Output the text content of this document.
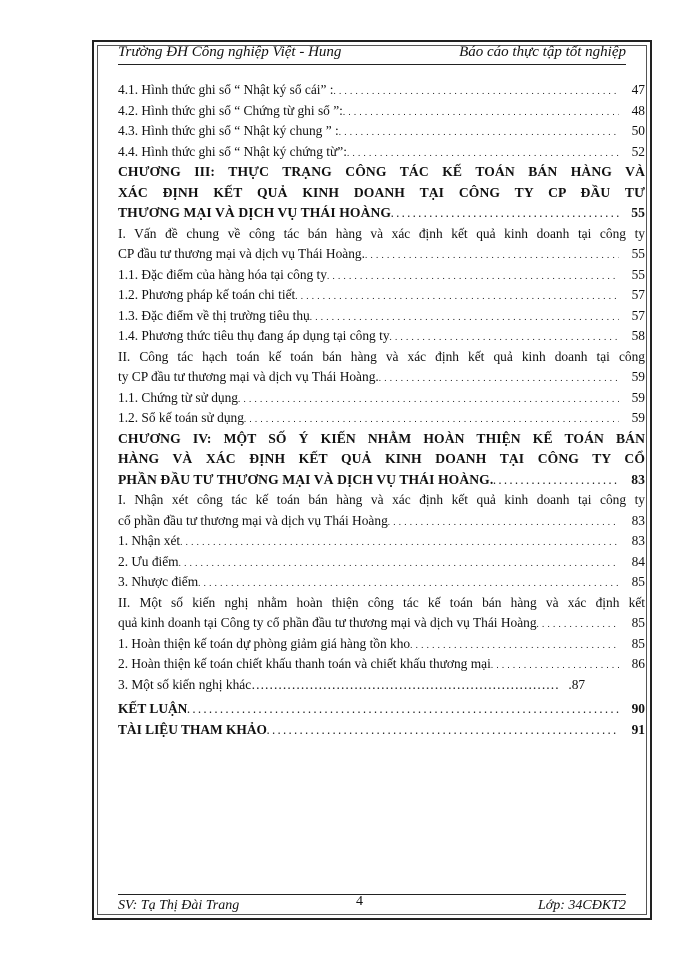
Trường ĐH Công nghiệp Việt - Hung	Báo cáo thực tập tốt nghiệp
4.1. Hình thức ghi sổ “ Nhật ký sổ cái” : . . .	47
4.2. Hình thức ghi sổ “ Chứng từ ghi sổ ”: . . .	48
4.3. Hình thức ghi sổ “ Nhật ký chung ” : . . .	50
4.4. Hình thức ghi sổ “ Nhật ký chứng từ”: . . .	52
CHƯƠNG III: THỰC TRẠNG CÔNG TÁC KẾ TOÁN BÁN HÀNG VÀ
XÁC ĐỊNH KẾT QUẢ KINH DOANH TẠI CÔNG TY CP ĐẦU TƯ
THƯƠNG MẠI VÀ DỊCH VỤ THÁI HOÀNG . . .	55
I. Vấn đề chung về công tác bán hàng và xác định kết quả kinh doanh tại công ty
CP đầu tư thương mại và dịch vụ Thái Hoàng. . . .	55
1.1. Đặc điểm của hàng hóa tại công ty . . .	55
1.2. Phương pháp kế toán chi tiết . . .	57
1.3. Đặc điểm về thị trường tiêu thụ . . .	57
1.4. Phương thức tiêu thụ đang áp dụng tại công ty . . .	58
II. Công tác hạch toán kế toán bán hàng và xác định kết quả kinh doanh tại công
ty CP đầu tư thương mại và dịch vụ Thái Hoàng. . . .	59
1.1. Chứng từ sử dụng . . .	59
1.2. Sổ kế toán sử dụng . . .	59
CHƯƠNG IV: MỘT SỐ Ý KIẾN NHẰM HOÀN THIỆN KẾ TOÁN BÁN
HÀNG VÀ XÁC ĐỊNH KẾT QUẢ KINH DOANH TẠI CÔNG TY CỔ
PHẦN ĐẦU TƯ THƯƠNG MẠI VÀ DỊCH VỤ THÁI HOÀNG. . . .	83
I. Nhận xét công tác kế toán bán hàng và xác định kết quả kinh doanh tại công ty
cổ phần đầu tư thương mại và dịch vụ Thái Hoàng . . .	83
1. Nhận xét . . .	83
2. Ưu điểm . . .	84
3. Nhược điểm . . .	85
II. Một số kiến nghị nhằm hoàn thiện công tác kế toán bán hàng và xác định kết
quả kinh doanh tại Công ty cổ phần đầu tư thương mại và dịch vụ Thái Hoàng . . .	85
1. Hoàn thiện kế toán dự phòng giảm giá hàng tồn kho . . .	85
2. Hoàn thiện kế toán chiết khấu thanh toán và chiết khấu thương mại . . .	86
3. Một số kiến nghị khác…………………………………………………………… .87
KẾT LUẬN . . .	90
TÀI LIỆU THAM KHẢO . . .	91
SV: Tạ Thị Đài Trang	4	Lớp: 34CĐKT2
